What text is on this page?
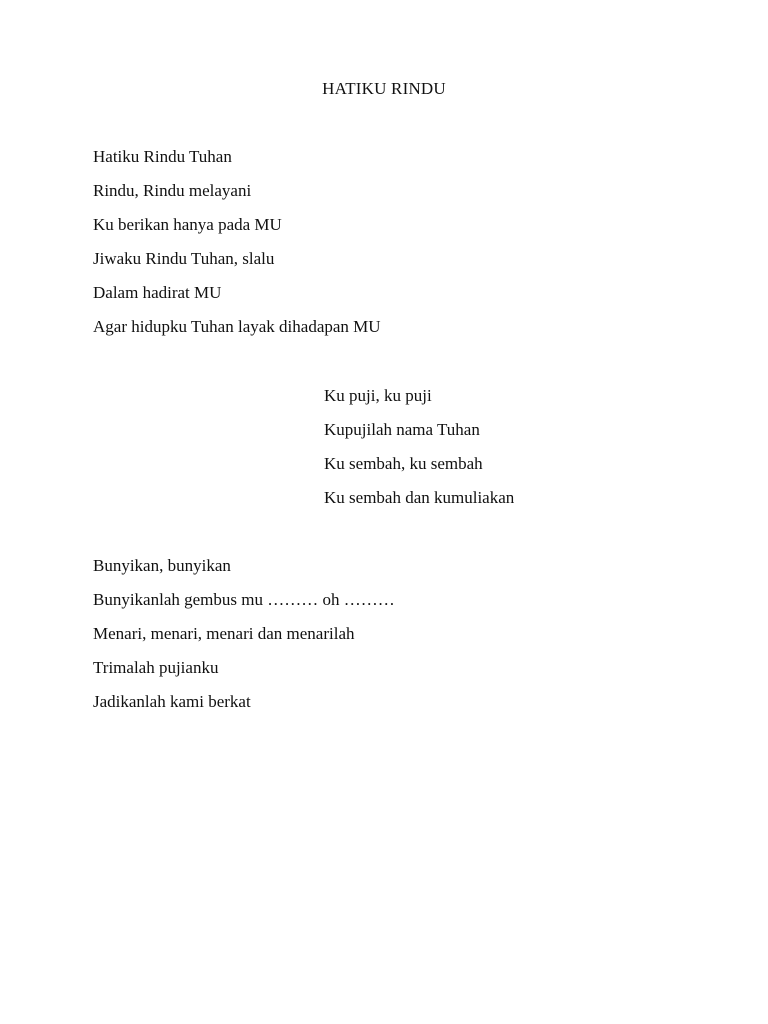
HATIKU RINDU
Hatiku Rindu Tuhan
Rindu, Rindu melayani
Ku berikan hanya pada MU
Jiwaku Rindu Tuhan, slalu
Dalam hadirat MU
Agar hidupku Tuhan layak dihadapan MU
Ku puji, ku puji
Kupujilah nama Tuhan
Ku sembah, ku sembah
Ku sembah dan kumuliakan
Bunyikan, bunyikan
Bunyikanlah gembus mu ……… oh ………
Menari, menari, menari dan menarilah
Trimalah pujianku
Jadikanlah kami berkat
